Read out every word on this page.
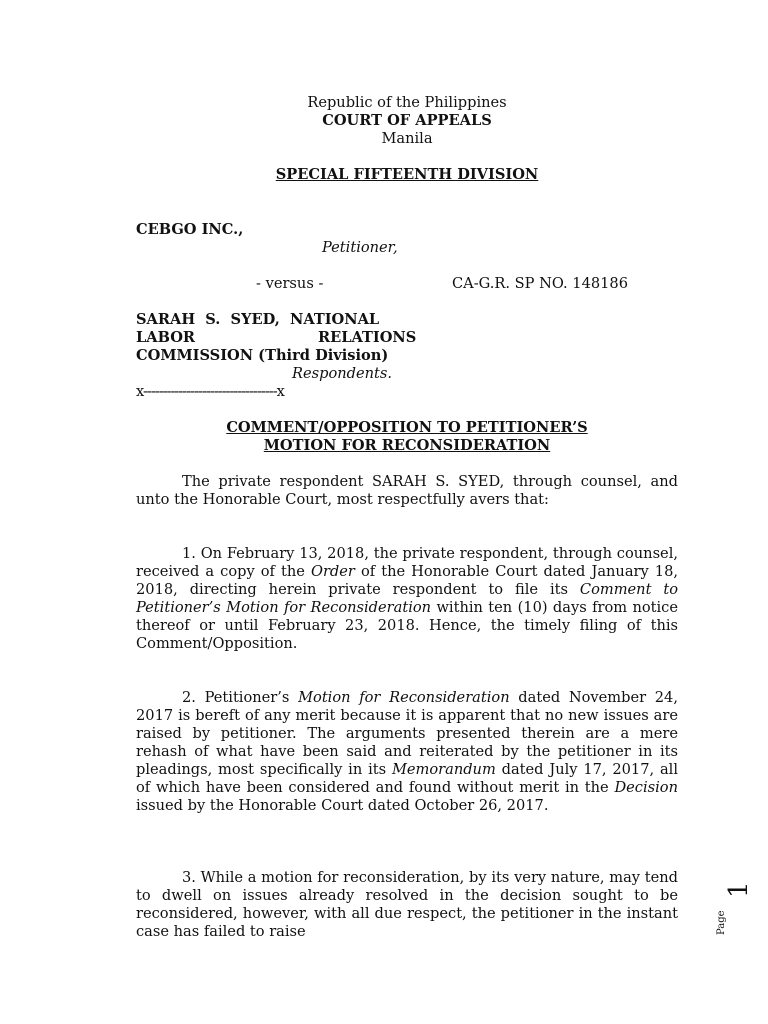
Republic of the Philippines
COURT OF APPEALS
Manila
SPECIAL FIFTEENTH DIVISION
CEBGO INC.,
Petitioner,
- versus -	CA-G.R. SP NO. 148186
SARAH  S.  SYED,  NATIONAL
LABOR	RELATIONS
COMMISSION (Third Division)
Respondents.
x----------------------------------x
COMMENT/OPPOSITION TO PETITIONER’S
MOTION FOR RECONSIDERATION
The private respondent SARAH S. SYED, through counsel, and unto the Honorable Court, most respectfully avers that:
1. On February 13, 2018, the private respondent, through counsel, received a copy of the Order of the Honorable Court dated January 18, 2018, directing herein private respondent to file its Comment to Petitioner’s Motion for Reconsideration within ten (10) days from notice thereof or until February 23, 2018. Hence, the timely filing of this Comment/Opposition.
2. Petitioner’s Motion for Reconsideration dated November 24, 2017 is bereft of any merit because it is apparent that no new issues are raised by petitioner. The arguments presented therein are a mere rehash of what have been said and reiterated by the petitioner in its pleadings, most specifically in its Memorandum dated July 17, 2017, all of which have been considered and found without merit in the Decision issued by the Honorable Court dated October 26, 2017.
3. While a motion for reconsideration, by its very nature, may tend to dwell on issues already resolved in the decision sought to be reconsidered, however, with all due respect, the petitioner in the instant case has failed to raise	Page
1
